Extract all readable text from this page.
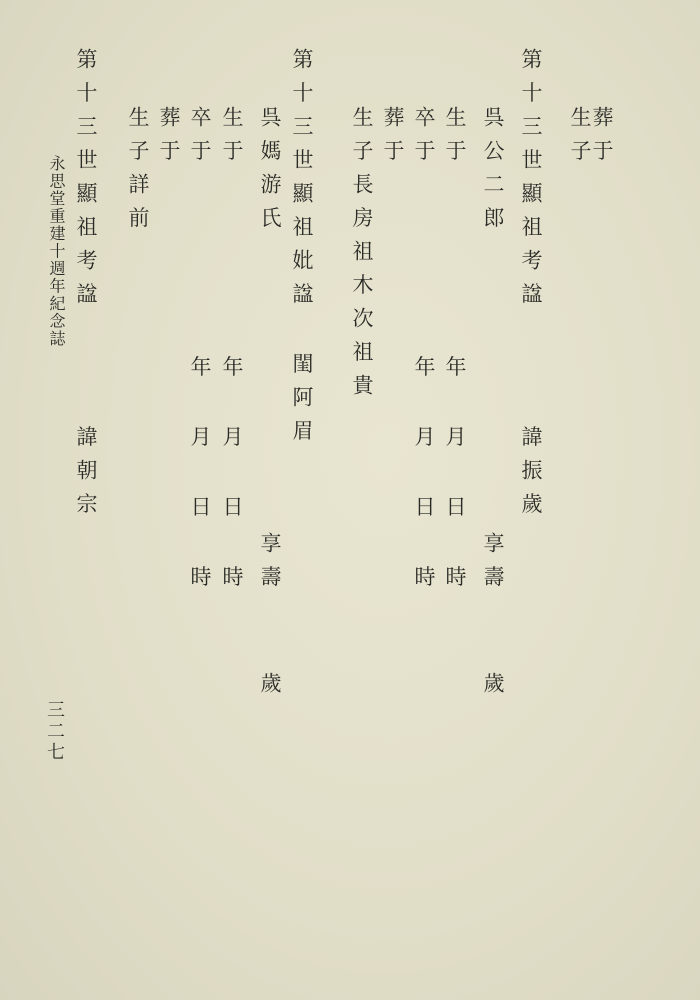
葬于
生子
第十三世顯祖考諡   諱振歲
呉公二郎        享壽  歲
生于     年 月 日 時
卒于     年 月 日 時
葬于
生子長房祖木次祖貴
第十三世顯祖妣諡 閨阿眉
呉媽游氏        享壽  歲
生于     年 月 日 時
卒于     年 月 日 時
葬于
生子詳前
第十三世顯祖考諡   諱朝宗
永思堂重建十週年紀念誌
三二七
